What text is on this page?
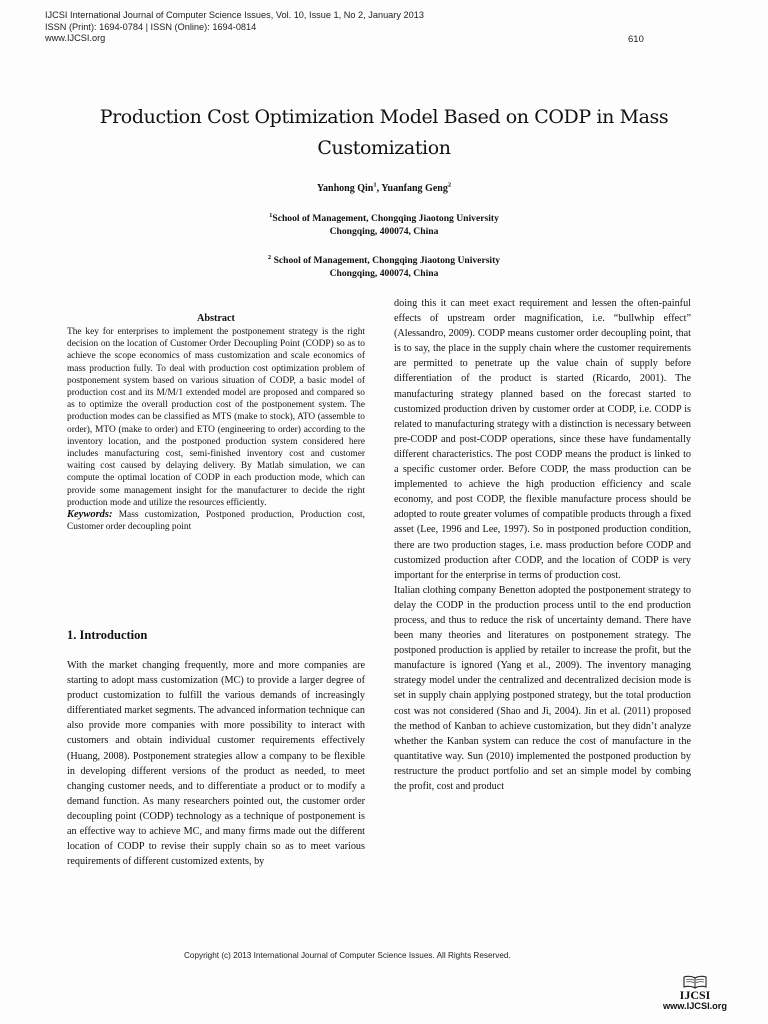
IJCSI International Journal of Computer Science Issues, Vol. 10, Issue 1, No 2, January 2013
ISSN (Print): 1694-0784 | ISSN (Online): 1694-0814
www.IJCSI.org	610
Production Cost Optimization Model Based on CODP in Mass Customization
Yanhong Qin$^1$, Yuanfang Geng$^2$
$^1$School of Management, Chongqing Jiaotong University
Chongqing, 400074, China
$^2$ School of Management, Chongqing Jiaotong University
Chongqing, 400074, China
Abstract

The key for enterprises to implement the postponement strategy is the right decision on the location of Customer Order Decoupling Point (CODP) so as to achieve the scope economics of mass customization and scale economics of mass production fully. To deal with production cost optimization problem of postponement system based on various situation of CODP, a basic model of production cost and its M/M/1 extended model are proposed and compared so as to optimize the overall production cost of the postponement system. The production modes can be classified as MTS (make to stock), ATO (assemble to order), MTO (make to order) and ETO (engineering to order) according to the inventory location, and the postponed production system considered here includes manufacturing cost, semi-finished inventory cost and customer waiting cost caused by delaying delivery. By Matlab simulation, we can compute the optimal location of CODP in each production mode, which can provide some management insight for the manufacturer to decide the right production mode and utilize the resources efficiently.

Keywords: Mass customization, Postponed production, Production cost, Customer order decoupling point

1. Introduction

With the market changing frequently, more and more companies are starting to adopt mass customization (MC) to provide a larger degree of product customization to fulfill the various demands of increasingly differentiated market segments. The advanced information technique can also provide more companies with more possibility to interact with customers and obtain individual customer requirements effectively (Huang, 2008). Postponement strategies allow a company to be flexible in developing different versions of the product as needed, to meet changing customer needs, and to differentiate a product or to modify a demand function. As many researchers pointed out, the customer order decoupling point (CODP) technology as a technique of postponement is an effective way to achieve MC, and many firms made out the different location of CODP to revise their supply chain so as to meet various requirements of different customized extents, by

doing this it can meet exact requirement and lessen the often-painful effects of upstream order magnification, i.e. “bullwhip effect” (Alessandro, 2009). CODP means customer order decoupling point, that is to say, the place in the supply chain where the customer requirements are permitted to penetrate up the value chain of supply before differentiation of the product is started (Ricardo, 2001). The manufacturing strategy planned based on the forecast started to customized production driven by customer order at CODP, i.e. CODP is related to manufacturing strategy with a distinction is necessary between pre-CODP and post-CODP operations, since these have fundamentally different characteristics. The post CODP means the product is linked to a specific customer order. Before CODP, the mass production can be implemented to achieve the high production efficiency and scale economy, and post CODP, the flexible manufacture process should be adopted to route greater volumes of compatible products through a fixed asset (Lee, 1996 and Lee, 1997). So in postponed production condition, there are two production stages, i.e. mass production before CODP and customized production after CODP, and the location of CODP is very important for the enterprise in terms of production cost.

Italian clothing company Benetton adopted the postponement strategy to delay the CODP in the production process until to the end production process, and thus to reduce the risk of uncertainty demand. There have been many theories and literatures on postponement strategy. The postponed production is applied by retailer to increase the profit, but the manufacture is ignored (Yang et al., 2009). The inventory managing strategy model under the centralized and decentralized decision mode is set in supply chain applying postponed strategy, but the total production cost was not considered (Shao and Ji, 2004). Jin et al. (2011) proposed the method of Kanban to achieve customization, but they didn’t analyze whether the Kanban system can reduce the cost of manufacture in the quantitative way. Sun (2010) implemented the postponed production by restructure the product portfolio and set an simple model by combing the profit, cost and product

Copyright (c) 2013 International Journal of Computer Science Issues. All Rights Reserved.
IJCSI
www.IJCSI.org
